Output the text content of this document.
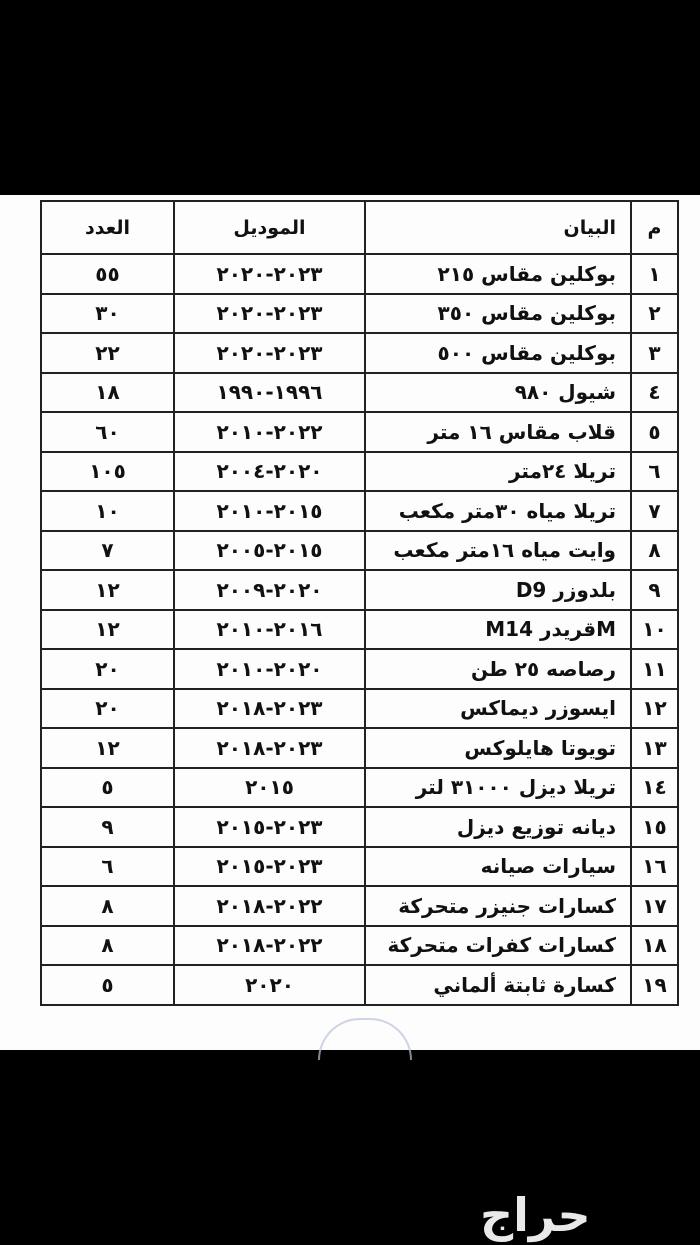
م	البيان	الموديل	العدد
١	بوكلين مقاس ٢١٥	٢٠٢٣-٢٠٢٠	٥٥
٢	بوكلين مقاس ٣٥٠	٢٠٢٣-٢٠٢٠	٣٠
٣	بوكلين مقاس ٥٠٠	٢٠٢٣-٢٠٢٠	٢٢
٤	شيول ٩٨٠	١٩٩٦-١٩٩٠	١٨
٥	قلاب مقاس ١٦ متر	٢٠٢٢-٢٠١٠	٦٠
٦	تريلا ٢٤متر	٢٠٢٠-٢٠٠٤	١٠٥
٧	تريلا مياه ٣٠متر مكعب	٢٠١٥-٢٠١٠	١٠
٨	وايت مياه ١٦متر مكعب	٢٠١٥-٢٠٠٥	٧
٩	بلدوزر D9	٢٠٢٠-٢٠٠٩	١٢
١٠	Mقريدر M14	٢٠١٦-٢٠١٠	١٢
١١	رصاصه ٢٥ طن	٢٠٢٠-٢٠١٠	٢٠
١٢	ايسوزر ديماكس	٢٠٢٣-٢٠١٨	٢٠
١٣	تويوتا هايلوكس	٢٠٢٣-٢٠١٨	١٢
١٤	تريلا ديزل ٣١٠٠٠ لتر	٢٠١٥	٥
١٥	ديانه توزيع ديزل	٢٠٢٣-٢٠١٥	٩
١٦	سيارات صيانه	٢٠٢٣-٢٠١٥	٦
١٧	كسارات جنيزر متحركة	٢٠٢٢-٢٠١٨	٨
١٨	كسارات كفرات متحركة	٢٠٢٢-٢٠١٨	٨
١٩	كسارة ثابتة ألماني	٢٠٢٠	٥
حراج
